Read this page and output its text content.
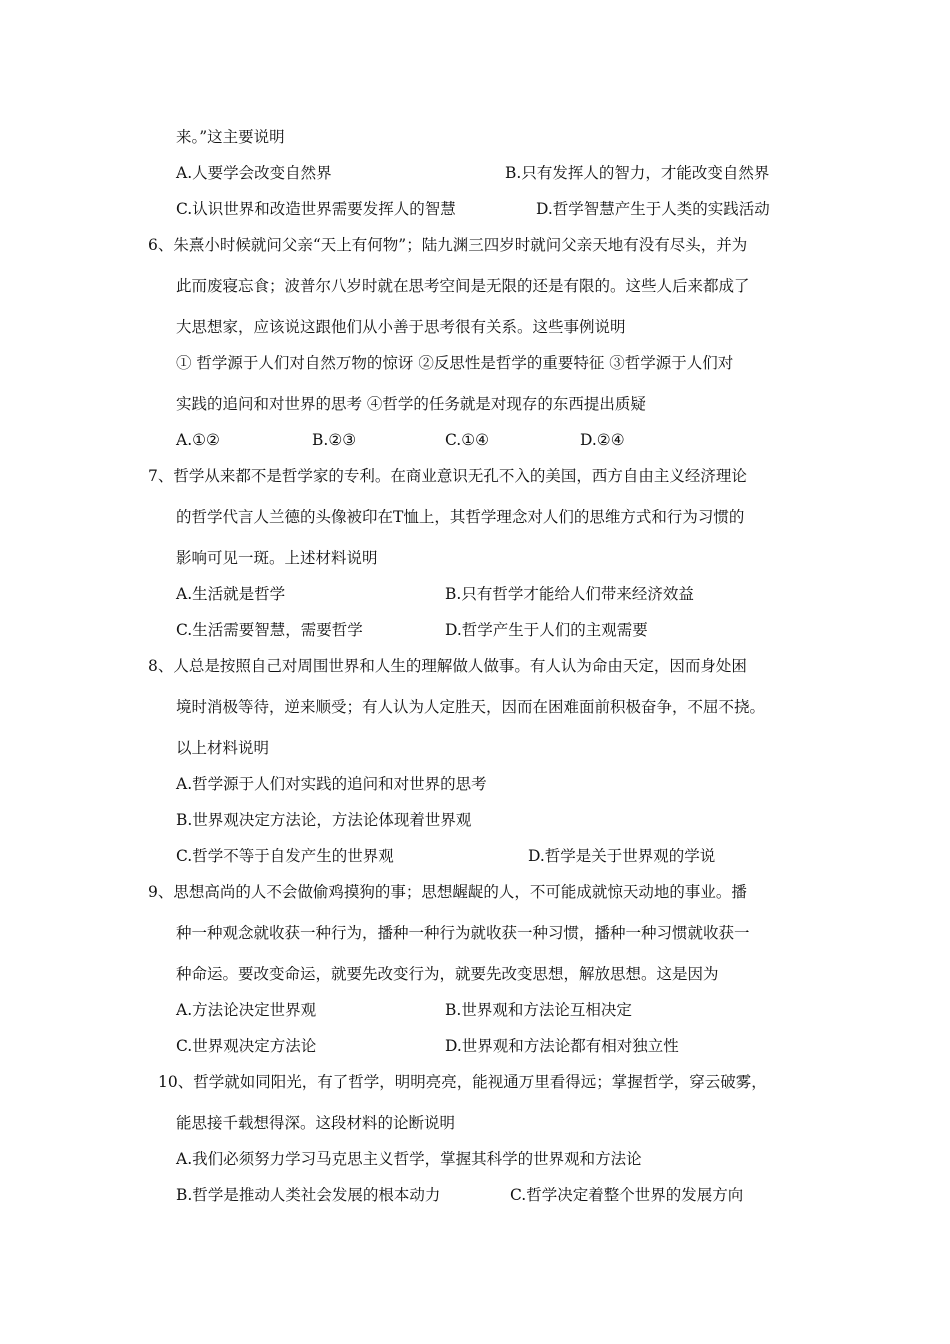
来。”这主要说明
A.人要学会改变自然界	B.只有发挥人的智力，才能改变自然界
C.认识世界和改造世界需要发挥人的智慧	D.哲学智慧产生于人类的实践活动
6、朱熹小时候就问父亲“天上有何物”；陆九渊三四岁时就问父亲天地有没有尽头，并为
此而废寝忘食；波普尔八岁时就在思考空间是无限的还是有限的。这些人后来都成了
大思想家，应该说这跟他们从小善于思考很有关系。这些事例说明
① 哲学源于人们对自然万物的惊讶 ②反思性是哲学的重要特征 ③哲学源于人们对
实践的追问和对世界的思考 ④哲学的任务就是对现存的东西提出质疑
A.①②	B.②③	C.①④	D.②④
7、哲学从来都不是哲学家的专利。在商业意识无孔不入的美国，西方自由主义经济理论
的哲学代言人兰德的头像被印在T恤上，其哲学理念对人们的思维方式和行为习惯的
影响可见一斑。上述材料说明
A.生活就是哲学	B.只有哲学才能给人们带来经济效益
C.生活需要智慧，需要哲学	D.哲学产生于人们的主观需要
8、人总是按照自己对周围世界和人生的理解做人做事。有人认为命由天定，因而身处困
境时消极等待，逆来顺受；有人认为人定胜天，因而在困难面前积极奋争，不屈不挠。
以上材料说明
A.哲学源于人们对实践的追问和对世界的思考
B.世界观决定方法论，方法论体现着世界观
C.哲学不等于自发产生的世界观	D.哲学是关于世界观的学说
9、思想高尚的人不会做偷鸡摸狗的事；思想龌龊的人，不可能成就惊天动地的事业。播
种一种观念就收获一种行为，播种一种行为就收获一种习惯，播种一种习惯就收获一
种命运。要改变命运，就要先改变行为，就要先改变思想，解放思想。这是因为
A.方法论决定世界观	B.世界观和方法论互相决定
C.世界观决定方法论	D.世界观和方法论都有相对独立性
10、哲学就如同阳光，有了哲学，明明亮亮，能视通万里看得远；掌握哲学，穿云破雾，
能思接千载想得深。这段材料的论断说明
A.我们必须努力学习马克思主义哲学，掌握其科学的世界观和方法论
B.哲学是推动人类社会发展的根本动力	C.哲学决定着整个世界的发展方向
